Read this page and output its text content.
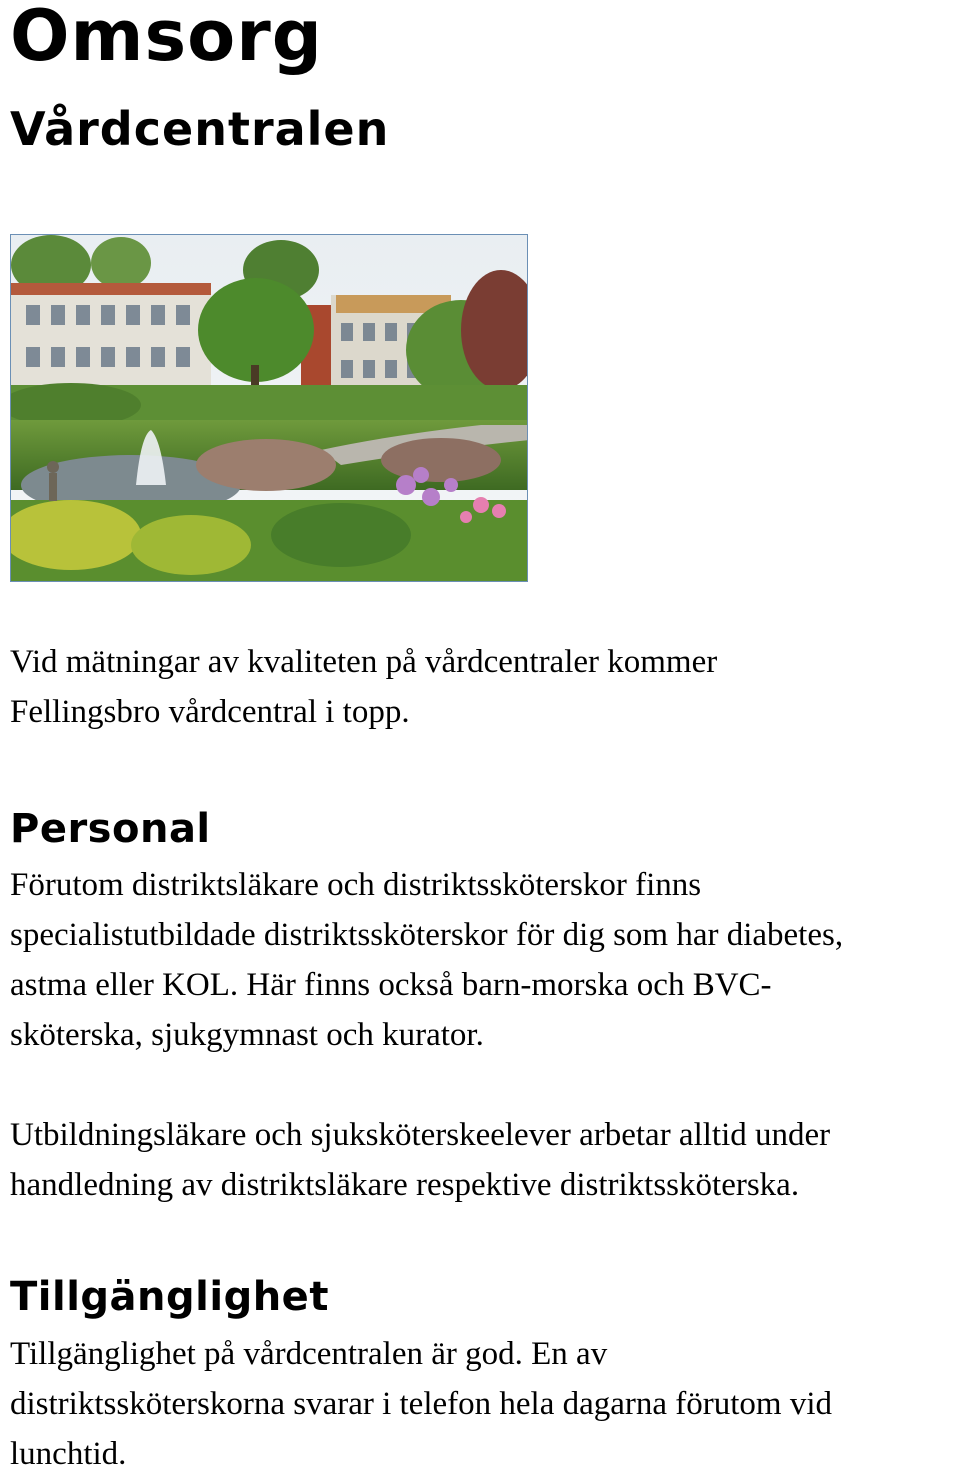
Omsorg
Vårdcentralen

Vid mätningar av kvaliteten på vårdcentraler kommer
Fellingsbro vårdcentral i topp.

Personal

Förutom distriktsläkare och distriktssköterskor finns
specialistutbildade distriktssköterskor för dig som har diabetes,
astma eller KOL. Här finns också barn-morska och BVC-
sköterska, sjukgymnast och kurator.

Utbildningsläkare och sjuksköterskeelever arbetar alltid under
handledning av distriktsläkare respektive distriktssköterska.

Tillgänglighet

Tillgänglighet på vårdcentralen är god. En av
distriktssköterskorna svarar i telefon hela dagarna förutom vid
lunchtid.
